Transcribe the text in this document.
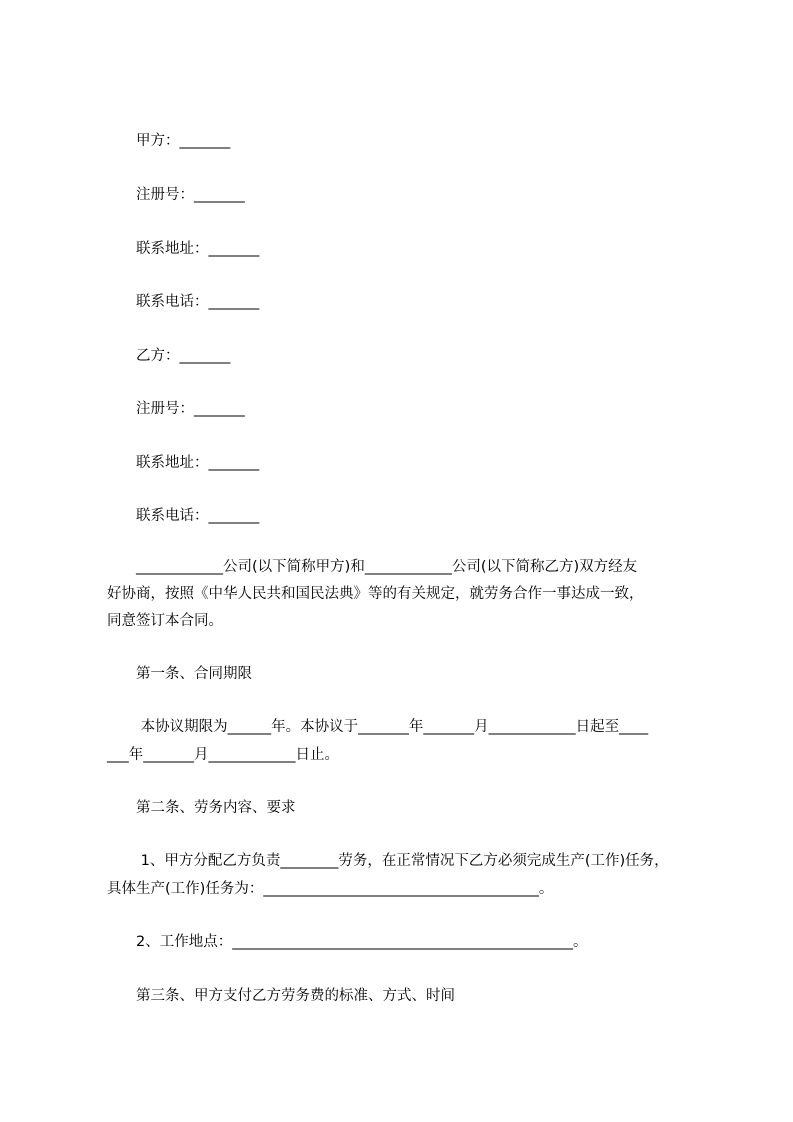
甲方：_______
注册号：_______
联系地址：_______
联系电话：_______
乙方：_______
注册号：_______
联系地址：_______
联系电话：_______
____________公司(以下简称甲方)和____________公司(以下简称乙方)双方经友
好协商，按照《中华人民共和国民法典》等的有关规定，就劳务合作一事达成一致，
同意签订本合同。
第一条、合同期限
本协议期限为______年。本协议于_______年_______月____________日起至____
___年_______月____________日止。
第二条、劳务内容、要求
1、甲方分配乙方负责________劳务，在正常情况下乙方必须完成生产(工作)任务，
具体生产(工作)任务为：______________________________________。
2、工作地点：_______________________________________________。
第三条、甲方支付乙方劳务费的标准、方式、时间
